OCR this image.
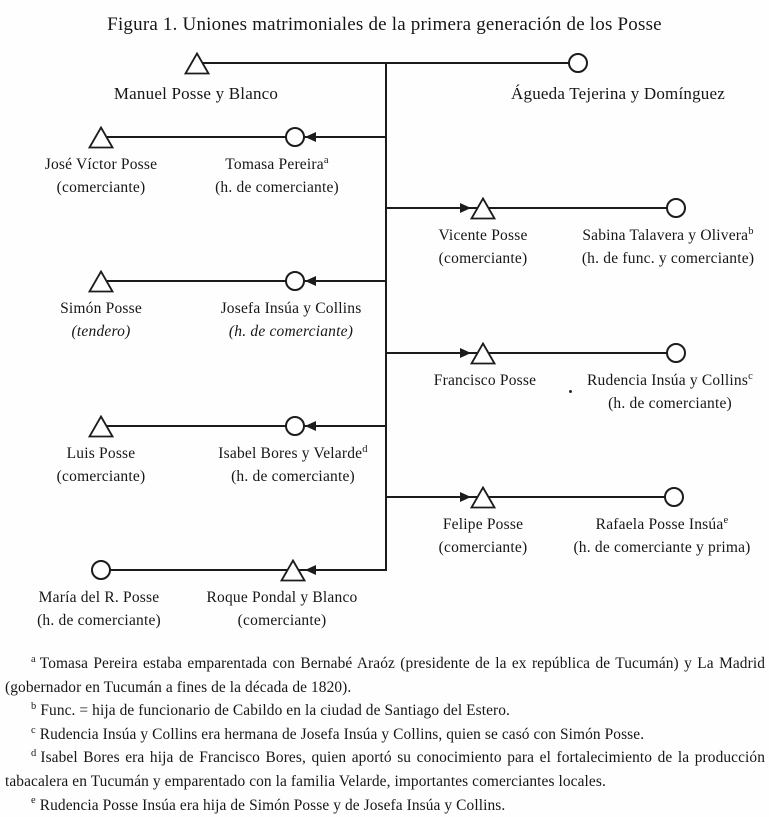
Figura 1. Uniones matrimoniales de la primera generación de los Posse
Manuel Posse y Blanco	Águeda Tejerina y Domínguez
José Víctor Posse
(comerciante)
Tomasa Pereira$^a$
(h. de comerciante)
Vicente Posse
(comerciante)
Sabina Talavera y Olivera$^b$
(h. de func. y comerciante)
Simón Posse
(tendero)
Josefa Insúa y Collins
(h. de comerciante)
Francisco Posse	Rudencia Insúa y Collins$^c$
(h. de comerciante)
Luis Posse
(comerciante)
Isabel Bores y Velarde$^d$
(h. de comerciante)
Felipe Posse
(comerciante)
Rafaela Posse Insúa$^e$
(h. de comerciante y prima)
María del R. Posse
(h. de comerciante)
Roque Pondal y Blanco
(comerciante)

$^a$ Tomasa Pereira estaba emparentada con Bernabé Araóz (presidente de la ex república de Tucumán) y La Madrid (gobernador en Tucumán a fines de la década de 1820).

$^b$ Func. = hija de funcionario de Cabildo en la ciudad de Santiago del Estero.

$^c$ Rudencia Insúa y Collins era hermana de Josefa Insúa y Collins, quien se casó con Simón Posse.

$^d$ Isabel Bores era hija de Francisco Bores, quien aportó su conocimiento para el fortalecimiento de la producción tabacalera en Tucumán y emparentado con la familia Velarde, importantes comerciantes locales.

$^e$ Rudencia Posse Insúa era hija de Simón Posse y de Josefa Insúa y Collins.
